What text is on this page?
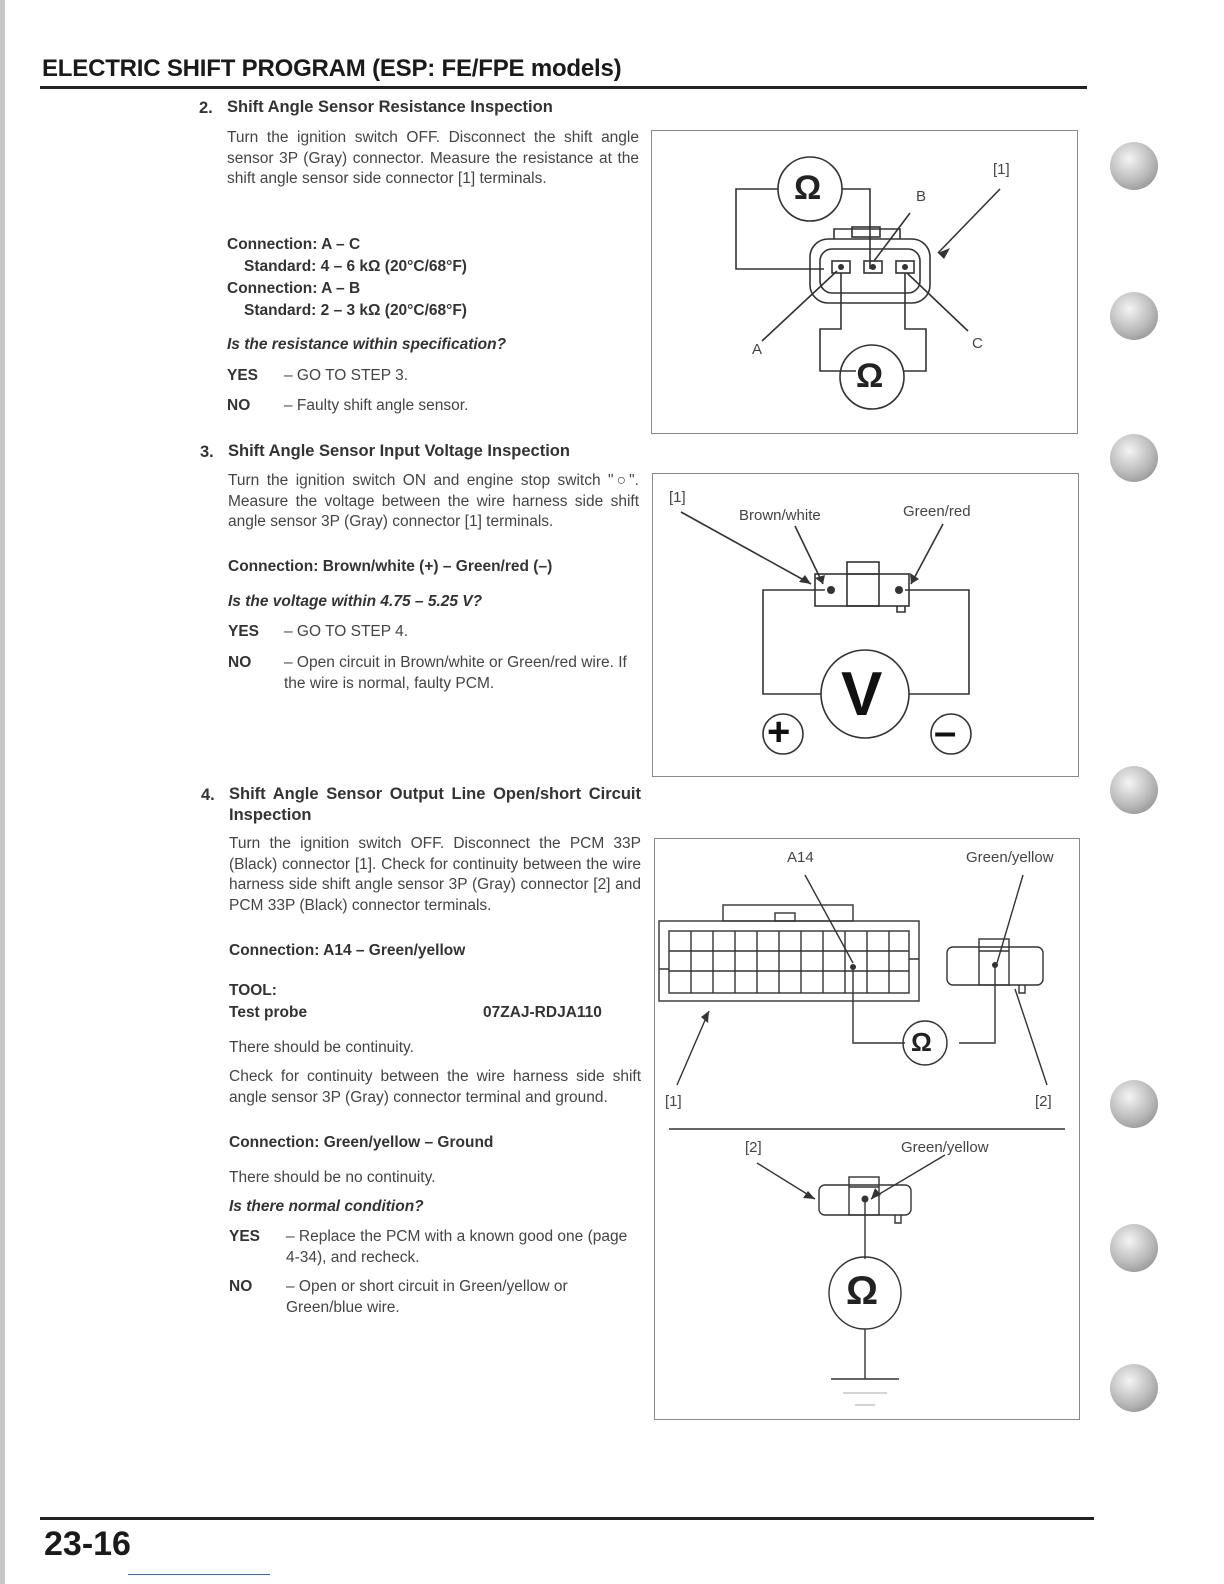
ELECTRIC SHIFT PROGRAM (ESP: FE/FPE models)
2. Shift Angle Sensor Resistance Inspection
Turn the ignition switch OFF. Disconnect the shift angle sensor 3P (Gray) connector. Measure the resistance at the shift angle sensor side connector [1] terminals.
Connection: A – C
Standard: 4 – 6 kΩ (20°C/68°F)
Connection: A – B
Standard: 2 – 3 kΩ (20°C/68°F)
Is the resistance within specification?
YES – GO TO STEP 3.
NO – Faulty shift angle sensor.
Ω
Ω
[1]
B
A	C
3. Shift Angle Sensor Input Voltage Inspection
Turn the ignition switch ON and engine stop switch "○". Measure the voltage between the wire harness side shift angle sensor 3P (Gray) connector [1] terminals.
Connection: Brown/white (+) – Green/red (–)
Is the voltage within 4.75 – 5.25 V?
YES – GO TO STEP 4.
NO – Open circuit in Brown/white or Green/red wire. If the wire is normal, faulty PCM.
[1]
Brown/white	Green/red
V
+	–
4. Shift Angle Sensor Output Line Open/short Circuit Inspection
Turn the ignition switch OFF. Disconnect the PCM 33P (Black) connector [1]. Check for continuity between the wire harness side shift angle sensor 3P (Gray) connector [2] and PCM 33P (Black) connector terminals.
Connection: A14 – Green/yellow
TOOL:
Test probe	07ZAJ-RDJA110
There should be continuity.
Check for continuity between the wire harness side shift angle sensor 3P (Gray) connector terminal and ground.
Connection: Green/yellow – Ground
There should be no continuity.
Is there normal condition?
YES – Replace the PCM with a known good one (page 4-34), and recheck.
NO – Open or short circuit in Green/yellow or Green/blue wire.
A14	Green/yellow
Ω
[1]	[2]
[2]	Green/yellow
Ω
23-16
